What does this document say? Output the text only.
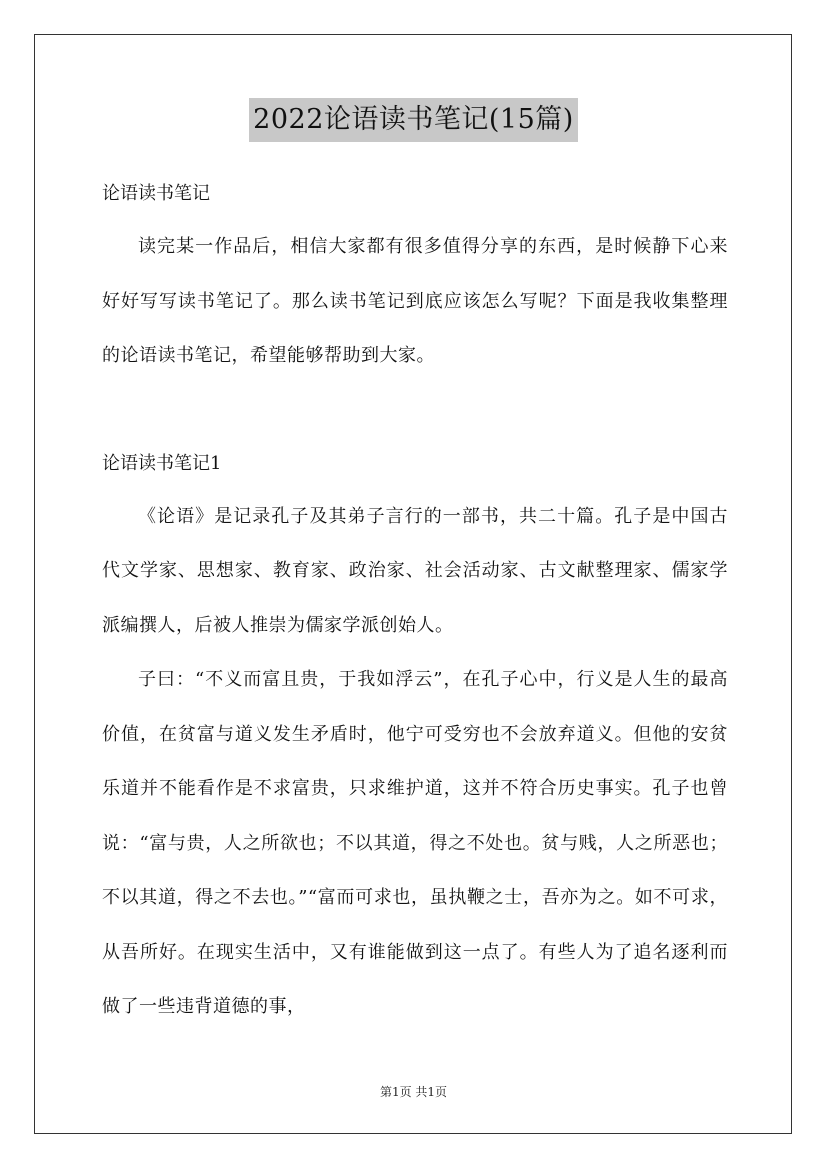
2022论语读书笔记(15篇)

论语读书笔记

读完某一作品后，相信大家都有很多值得分享的东西，是时候静下心来好好写写读书笔记了。那么读书笔记到底应该怎么写呢？下面是我收集整理的论语读书笔记，希望能够帮助到大家。

论语读书笔记1

《论语》是记录孔子及其弟子言行的一部书，共二十篇。孔子是中国古代文学家、思想家、教育家、政治家、社会活动家、古文献整理家、儒家学派编撰人，后被人推崇为儒家学派创始人。

子曰：“不义而富且贵，于我如浮云”，在孔子心中，行义是人生的最高价值，在贫富与道义发生矛盾时，他宁可受穷也不会放弃道义。但他的安贫乐道并不能看作是不求富贵，只求维护道，这并不符合历史事实。孔子也曾说：“富与贵，人之所欲也；不以其道，得之不处也。贫与贱，人之所恶也；不以其道，得之不去也。”“富而可求也，虽执鞭之士，吾亦为之。如不可求，从吾所好。在现实生活中，又有谁能做到这一点了。有些人为了追名逐利而做了一些违背道德的事，

第1页 共1页
